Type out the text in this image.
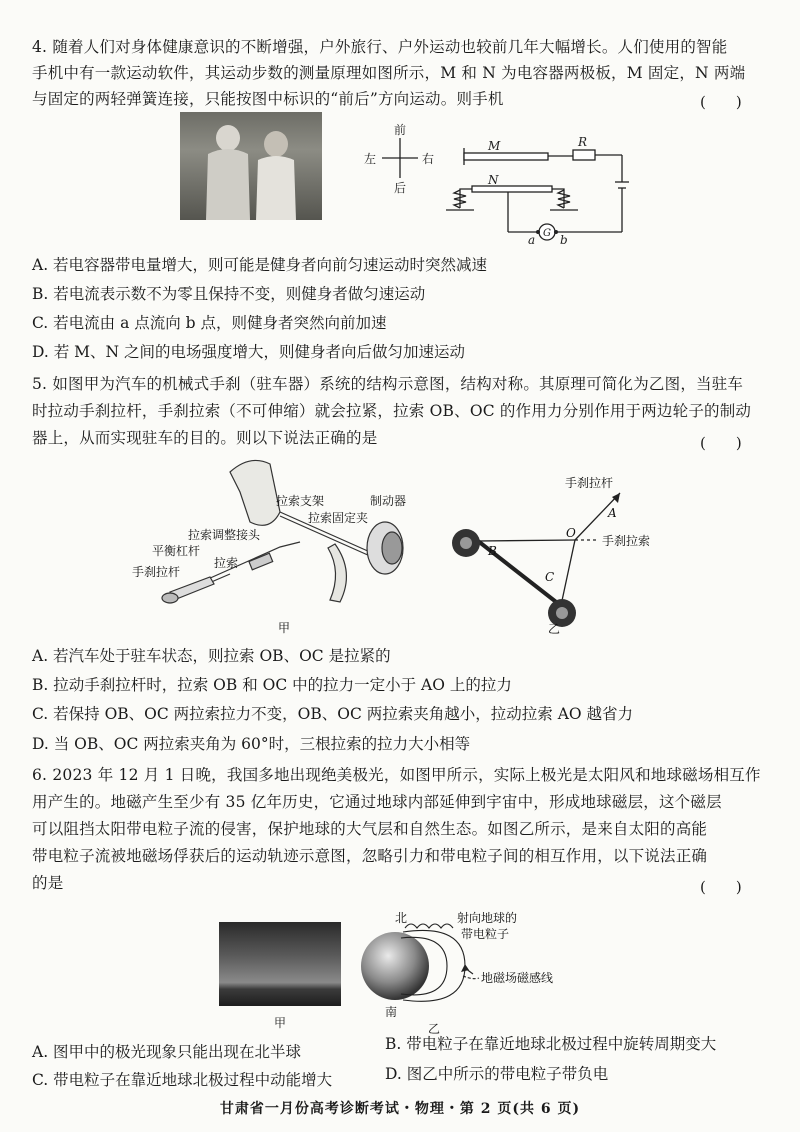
4. 随着人们对身体健康意识的不断增强，户外旅行、户外运动也较前几年大幅增长。人们使用的智能
手机中有一款运动软件，其运动步数的测量原理如图所示，M 和 N 为电容器两极板，M 固定，N 两端
与固定的两轻弹簧连接，只能按图中标识的“前后”方向运动。则手机	(　　)
前
后
左	右
M
N
R
G
a b
A. 若电容器带电量增大，则可能是健身者向前匀速运动时突然减速
B. 若电流表示数不为零且保持不变，则健身者做匀速运动
C. 若电流由 a 点流向 b 点，则健身者突然向前加速
D. 若 M、N 之间的电场强度增大，则健身者向后做匀加速运动
5. 如图甲为汽车的机械式手刹（驻车器）系统的结构示意图，结构对称。其原理可简化为乙图，当驻车
时拉动手刹拉杆，手刹拉索（不可伸缩）就会拉紧，拉索 OB、OC 的作用力分别作用于两边轮子的制动
器上，从而实现驻车的目的。则以下说法正确的是	(　　)
拉索支架	制动器
拉索固定夹
拉索调整接头
平衡杠杆
拉索
手刹拉杆
甲
手刹拉杆
A
O
手刹拉索
B
C
乙
A. 若汽车处于驻车状态，则拉索 OB、OC 是拉紧的
B. 拉动手刹拉杆时，拉索 OB 和 OC 中的拉力一定小于 AO 上的拉力
C. 若保持 OB、OC 两拉索拉力不变，OB、OC 两拉索夹角越小，拉动拉索 AO 越省力
D. 当 OB、OC 两拉索夹角为 60°时，三根拉索的拉力大小相等
6. 2023 年 12 月 1 日晚，我国多地出现绝美极光，如图甲所示，实际上极光是太阳风和地球磁场相互作
用产生的。地磁产生至少有 35 亿年历史，它通过地球内部延伸到宇宙中，形成地球磁层，这个磁层
可以阻挡太阳带电粒子流的侵害，保护地球的大气层和自然生态。如图乙所示，是来自太阳的高能
带电粒子流被地磁场俘获后的运动轨迹示意图，忽略引力和带电粒子间的相互作用，以下说法正确
的是	(　　)
甲
北
南
射向地球的
带电粒子
地磁场磁感线
乙
A. 图甲中的极光现象只能出现在北半球
C. 带电粒子在靠近地球北极过程中动能增大
B. 带电粒子在靠近地球北极过程中旋转周期变大
D. 图乙中所示的带电粒子带负电
甘肃省一月份高考诊断考试・物理・第 2 页(共 6 页)
